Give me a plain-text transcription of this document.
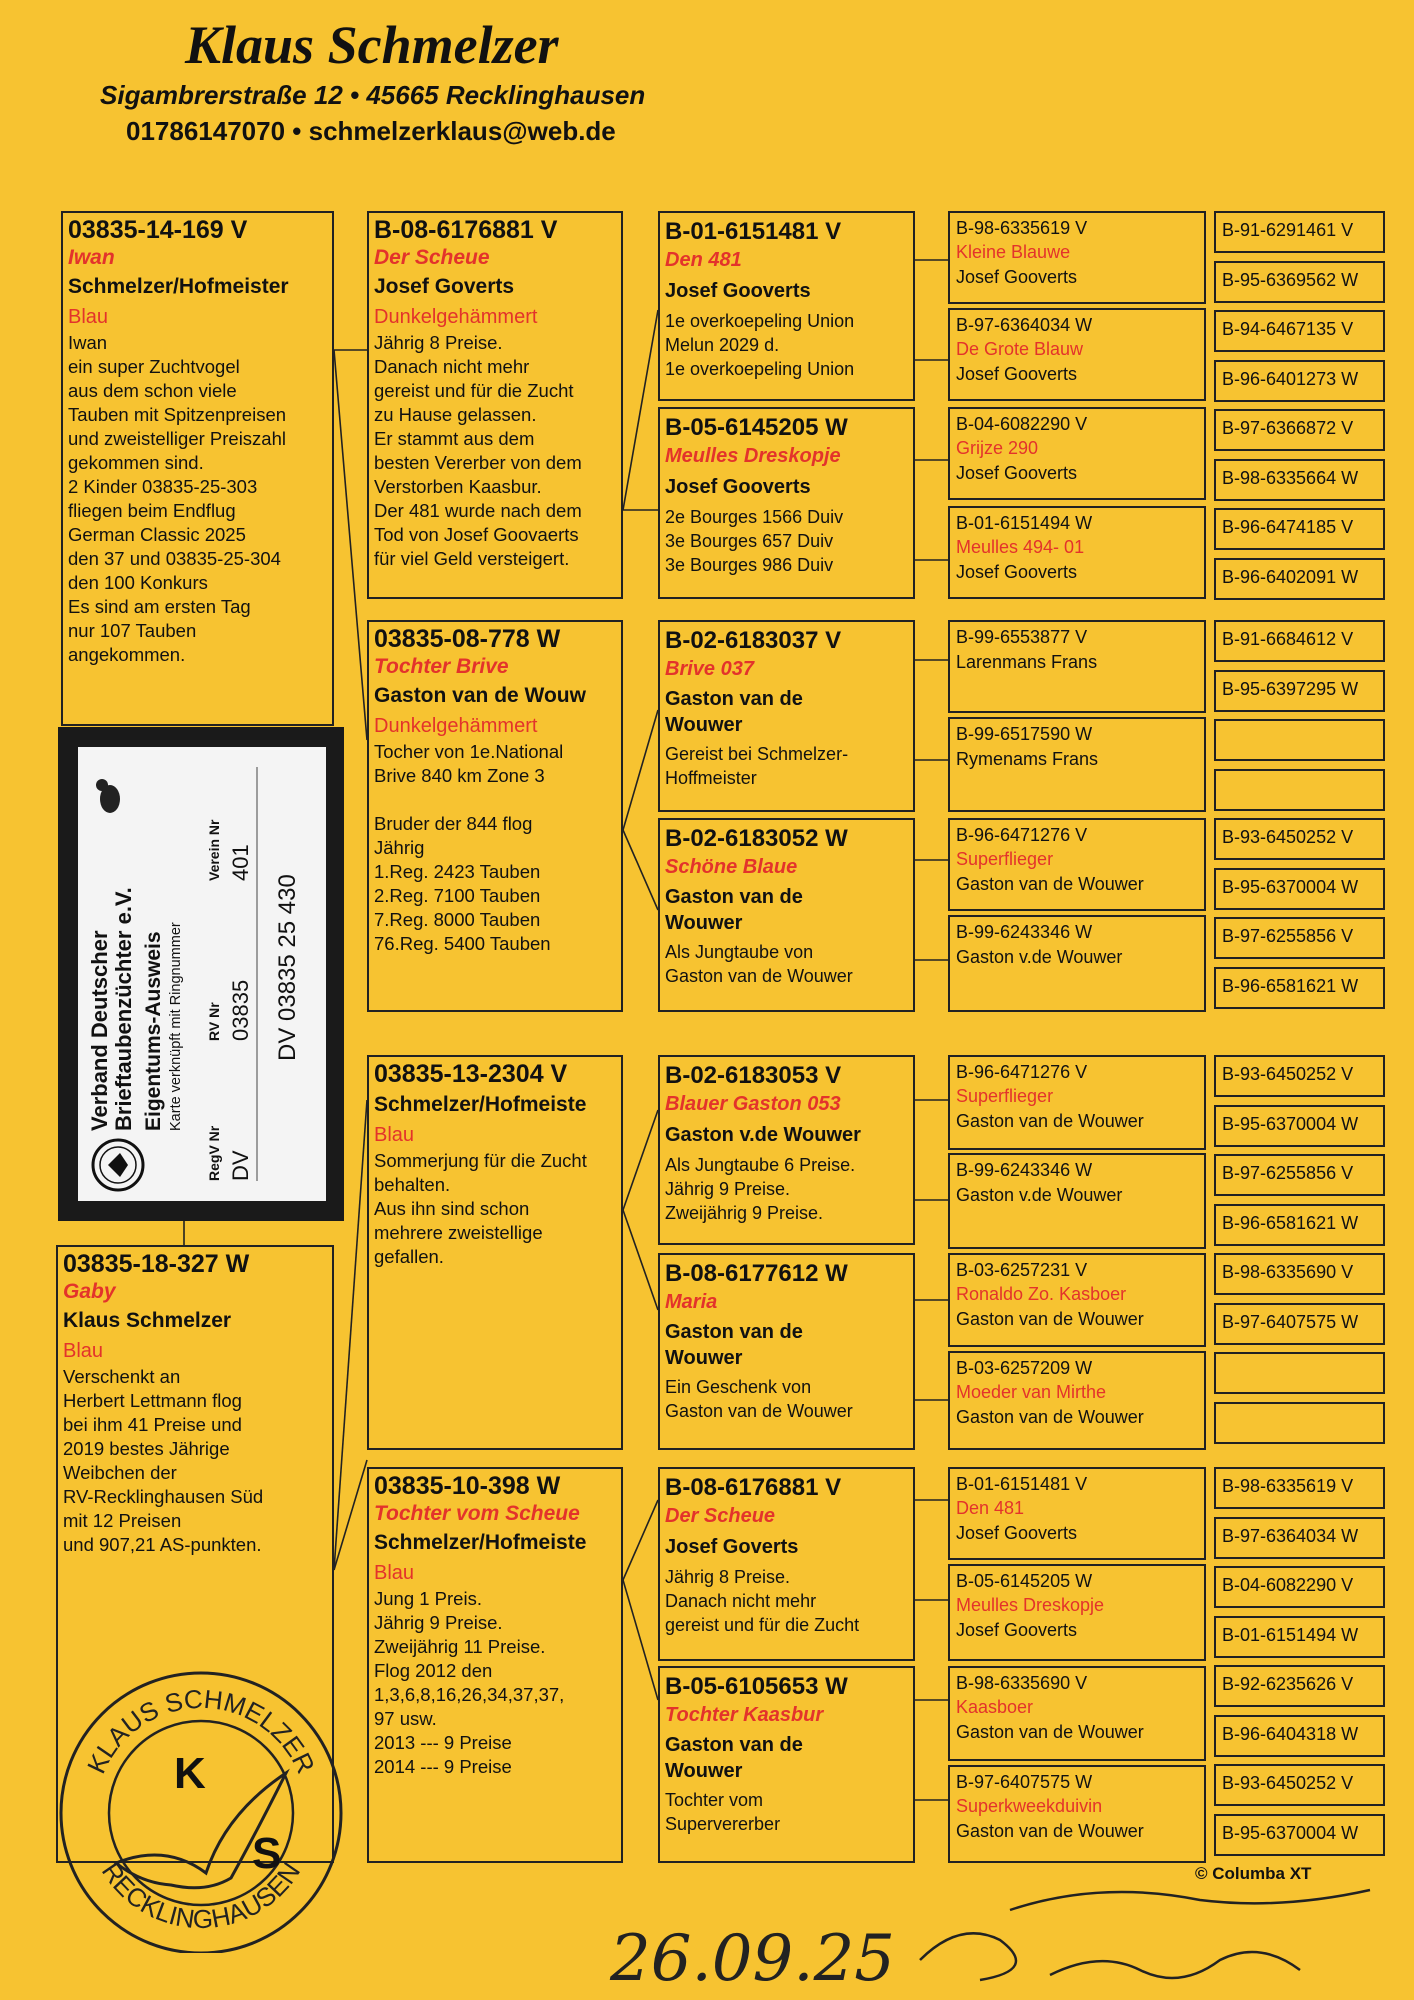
Klaus Schmelzer
Sigambrerstraße 12 • 45665 Recklinghausen
01786147070 • schmelzerklaus@web.de
03835-14-169 V
Iwan
Schmelzer/Hofmeister
Blau
Iwan
ein super Zuchtvogel
aus dem schon viele
Tauben mit Spitzenpreisen
und zweistelliger Preiszahl
gekommen sind.
2 Kinder 03835-25-303
fliegen beim Endflug
German Classic 2025
den 37 und 03835-25-304
den 100 Konkurs
Es sind am ersten Tag
nur 107 Tauben
angekommen.
03835-18-327 W
Gaby
Klaus Schmelzer
Blau
Verschenkt an
Herbert Lettmann flog
bei ihm 41 Preise und
2019 bestes Jährige
Weibchen der
RV-Recklinghausen Süd
mit 12 Preisen
und 907,21 AS-punkten.
B-08-6176881 V
Der Scheue
Josef Goverts
Dunkelgehämmert
Jährig 8 Preise.
Danach nicht mehr
gereist und für die Zucht
zu Hause gelassen.
Er stammt aus dem
besten Vererber von dem
Verstorben Kaasbur.
Der 481 wurde nach dem
Tod von Josef Goovaerts
für viel Geld versteigert.
03835-08-778 W
Tochter Brive
Gaston van de Wouw
Dunkelgehämmert
Tocher von 1e.National
Brive 840 km Zone 3

Bruder der 844 flog
Jährig
1.Reg. 2423 Tauben
2.Reg. 7100 Tauben
7.Reg. 8000 Tauben
76.Reg. 5400 Tauben
03835-13-2304 V
Schmelzer/Hofmeiste
Blau
Sommerjung für die Zucht
behalten.
Aus ihn sind schon
mehrere zweistellige
gefallen.
03835-10-398 W
Tochter vom Scheue
Schmelzer/Hofmeiste
Blau
Jung 1 Preis.
Jährig 9 Preise.
Zweijährig 11 Preise.
Flog 2012 den
1,3,6,8,16,26,34,37,37,
97 usw.
2013 --- 9 Preise
2014 --- 9 Preise
B-01-6151481 V
Den 481
Josef Gooverts
1e overkoepeling Union
Melun 2029 d.
1e overkoepeling Union
B-05-6145205 W
Meulles Dreskopje
Josef Gooverts
2e Bourges 1566 Duiv
3e Bourges 657 Duiv
3e Bourges 986 Duiv
B-02-6183037 V
Brive 037
Gaston van de
Wouwer
Gereist bei Schmelzer-
Hoffmeister
B-02-6183052 W
Schöne Blaue
Gaston van de
Wouwer
Als Jungtaube von
Gaston van de Wouwer
B-02-6183053 V
Blauer Gaston 053
Gaston v.de Wouwer
Als Jungtaube 6 Preise.
Jährig 9 Preise.
Zweijährig 9 Preise.
B-08-6177612 W
Maria
Gaston van de
Wouwer
Ein Geschenk von
Gaston van de Wouwer
B-08-6176881 V
Der Scheue
Josef Goverts
Jährig 8 Preise.
Danach nicht mehr
gereist und für die Zucht
B-05-6105653 W
Tochter Kaasbur
Gaston van de
Wouwer
Tochter vom
Supervererber
B-98-6335619 V
Kleine Blauwe
Josef Gooverts
B-97-6364034 W
De Grote Blauw
Josef Gooverts
B-04-6082290 V
Grijze 290
Josef Gooverts
B-01-6151494 W
Meulles 494- 01
Josef Gooverts
B-99-6553877 V
Larenmans Frans
B-99-6517590 W
Rymenams Frans
B-96-6471276 V
Superflieger
Gaston van de Wouwer
B-99-6243346 W
Gaston v.de Wouwer
B-96-6471276 V
Superflieger
Gaston van de Wouwer
B-99-6243346 W
Gaston v.de Wouwer
B-03-6257231 V
Ronaldo Zo. Kasboer
Gaston van de Wouwer
B-03-6257209 W
Moeder van Mirthe
Gaston van de Wouwer
B-01-6151481 V
Den 481
Josef Gooverts
B-05-6145205 W
Meulles Dreskopje
Josef Gooverts
B-98-6335690 V
Kaasboer
Gaston van de Wouwer
B-97-6407575 W
Superkweekduivin
Gaston van de Wouwer
B-91-6291461 V
B-95-6369562 W
B-94-6467135 V
B-96-6401273 W
B-97-6366872 V
B-98-6335664 W
B-96-6474185 V
B-96-6402091 W
B-91-6684612 V
B-95-6397295 W
B-93-6450252 V
B-95-6370004 W
B-97-6255856 V
B-96-6581621 W
B-93-6450252 V
B-95-6370004 W
B-97-6255856 V
B-96-6581621 W
B-98-6335690 V
B-97-6407575 W
B-98-6335619 V
B-97-6364034 W
B-04-6082290 V
B-01-6151494 W
B-92-6235626 V
B-96-6404318 W
B-93-6450252 V
B-95-6370004 W
Verband Deutscher
Brieftaubenzüchter e.V.
Eigentums-Ausweis Karte verknüpft mit Ringnummer
RegV Nr DV
RV Nr 03835
Verein Nr 401
DV 03835 25 430
KLAUS SCHMELZER
RECKLINGHAUSEN
K
S	© Columba XT
26.09.25
